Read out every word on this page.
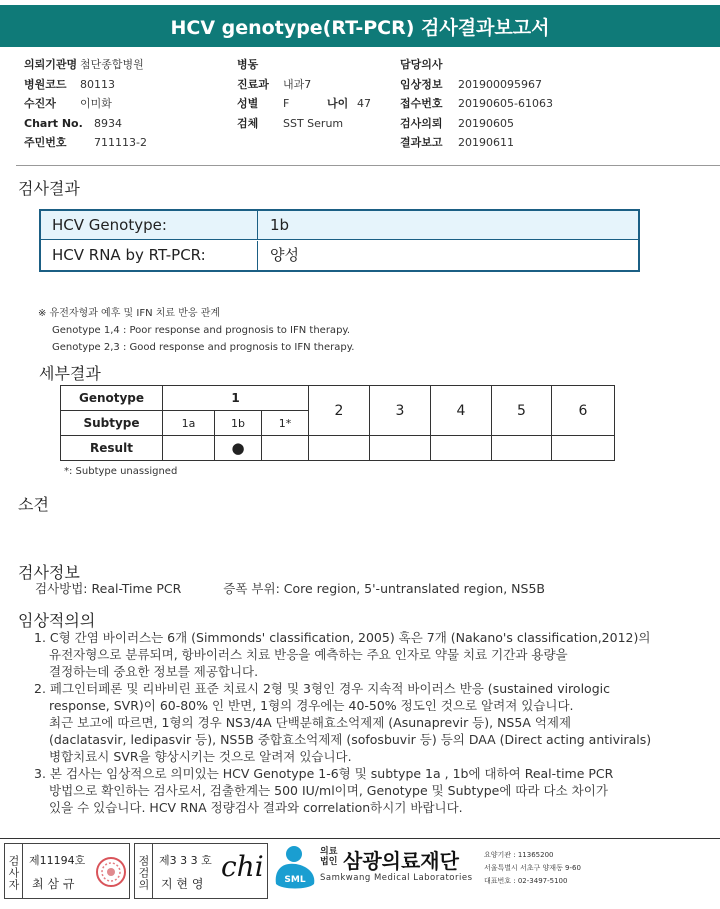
HCV genotype(RT-PCR) 검사결과보고서
의뢰기관명 첨단종합병원
병원코드 80113
수진자 이미화
Chart No. 8934
주민번호 711113-2
병동
진료과 내과7
성별 F	나이 47
검체 SST Serum
담당의사
임상정보 201900095967
접수번호 20190605-61063
검사의뢰 20190605
결과보고 20190611
검사결과
HCV Genotype:	1b
HCV RNA by RT-PCR:	양성
※ 유전자형과 예후 및 IFN 치료 반응 관계
Genotype 1,4 : Poor response and prognosis to IFN therapy.
Genotype 2,3 : Good response and prognosis to IFN therapy.
세부결과
Genotype	1			2	3	4	5	6
Subtype	1a	1b	1*					
Result		●						
*: Subtype unassigned
소견
검사정보
검사방법: Real-Time PCR	증폭 부위: Core region, 5'-untranslated region, NS5B
임상적의의
1. C형 간염 바이러스는 6개 (Simmonds' classification, 2005) 혹은 7개 (Nakano's classification,2012)의
유전자형으로 분류되며, 항바이러스 치료 반응을 예측하는 주요 인자로 약물 치료 기간과 용량을
결정하는데 중요한 정보를 제공합니다.
2. 페그인터페론 및 리바비린 표준 치료시 2형 및 3형인 경우 지속적 바이러스 반응 (sustained virologic
response, SVR)이 60-80% 인 반면, 1형의 경우에는 40-50% 정도인 것으로 알려져 있습니다.
최근 보고에 따르면, 1형의 경우 NS3/4A 단백분해효소억제제 (Asunaprevir 등), NS5A 억제제
(daclatasvir, ledipasvir 등), NS5B 중합효소억제제 (sofosbuvir 등) 등의 DAA (Direct acting antivirals)
병합치료시 SVR을 향상시키는 것으로 알려져 있습니다.
3. 본 검사는 임상적으로 의미있는 HCV Genotype 1-6형 및 subtype 1a , 1b에 대하여 Real-time PCR
방법으로 확인하는 검사로서, 검출한계는 500 IU/ml이며, Genotype 및 Subtype에 따라 다소 차이가
있을 수 있습니다. HCV RNA 정량검사 결과와 correlation하시기 바랍니다.
검사자 제11194호
최 삼 규	점검의 제3 3 3 호
지 현 영
chi SML
의료법인 삼광의료재단
Samkwang Medical Laboratories
요양기관 : 11365200
서울특별시 서초구 양재동 9-60
대표번호 : 02-3497-5100
